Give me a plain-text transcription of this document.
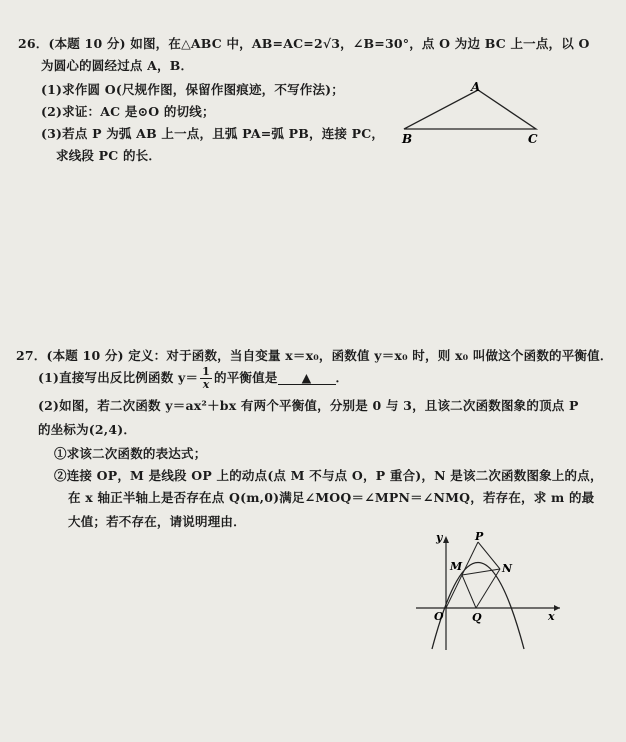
26．(本题 10 分) 如图，在△ABC 中，AB=AC=2√3，∠B=30°，点 O 为边 BC 上一点，以 O
为圆心的圆经过点 A，B．
(1)求作圆 O(尺规作图，保留作图痕迹，不写作法)；
(2)求证：AC 是⊙O 的切线；
(3)若点 P 为弧 AB 上一点，且弧 PA=弧 PB，连接 PC，
求线段 PC 的长．
A
B	C
27．(本题 10 分) 定义：对于函数，当自变量 x＝x₀，函数值 y＝x₀ 时，则 x₀ 叫做这个函数的平衡值．
(1)直接写出反比例函数 $y= \frac{1}{x}$ 的平衡值是 ▲ ．
(2)如图，若二次函数 y＝ax²＋bx 有两个平衡值，分别是 0 与 3，且该二次函数图象的顶点 P
的坐标为(2,4)．
①求该二次函数的表达式；
②连接 OP，M 是线段 OP 上的动点(点 M 不与点 O，P 重合)，N 是该二次函数图象上的点，
在 x 轴正半轴上是否存在点 Q(m,0)满足∠MOQ＝∠MPN＝∠NMQ，若存在，求 m 的最
大值；若不存在，请说明理由．
y
x
O
P
M	N
Q
